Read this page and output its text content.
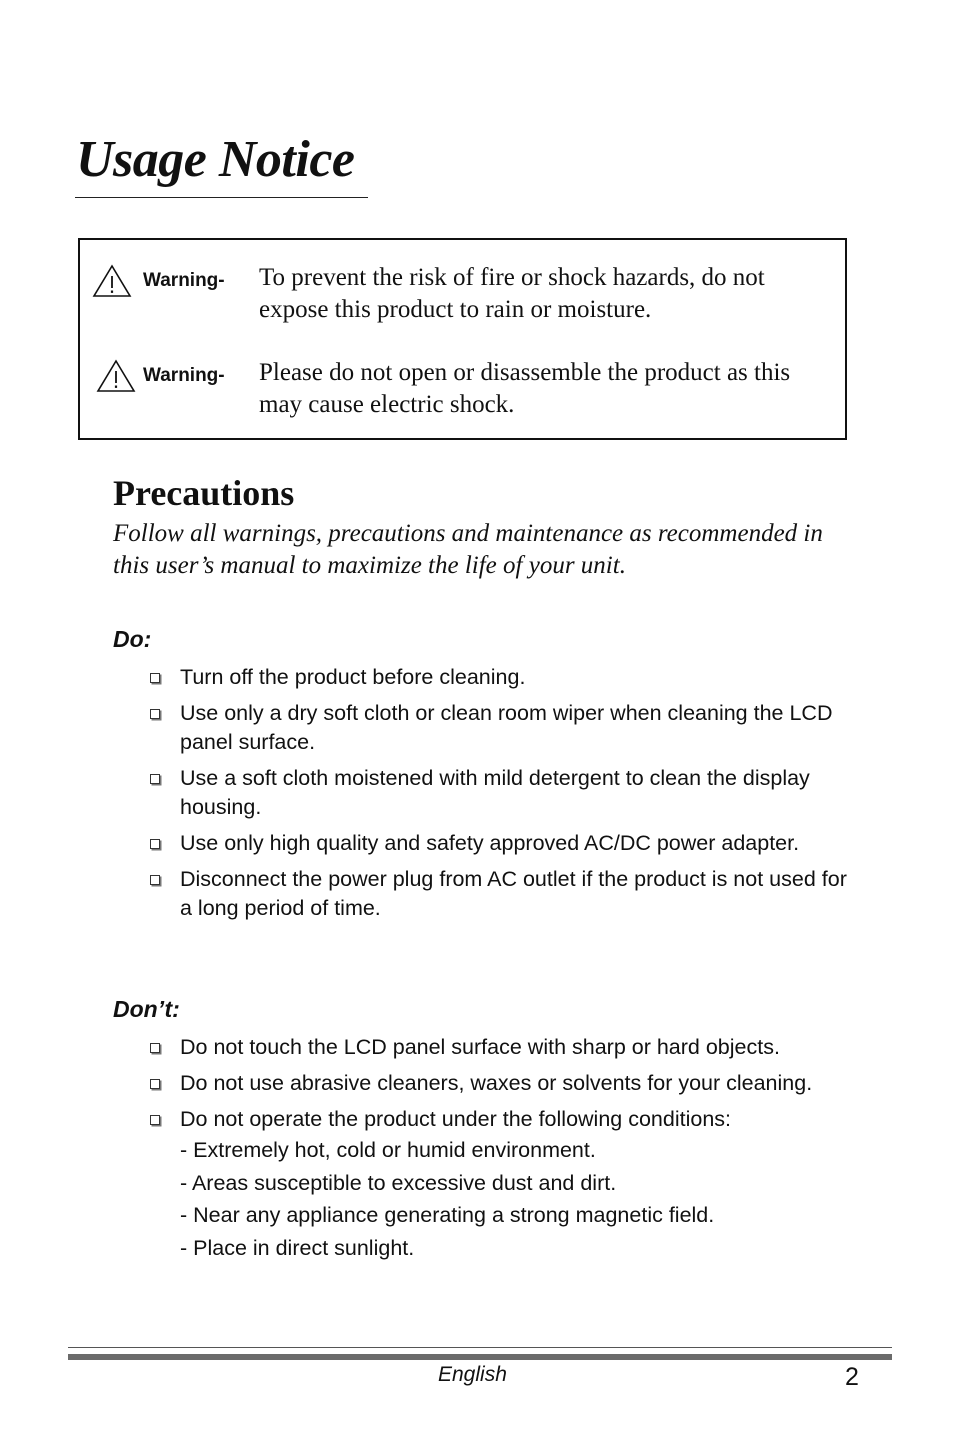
Usage Notice
Warning- To prevent the risk of fire or shock hazards, do not expose this product to rain or moisture.
Warning- Please do not open or disassemble the product as this may cause electric shock.
Precautions

Follow all warnings, precautions and maintenance as recommended in this user’s manual to maximize the life of your unit.

Do:
Turn off the product before cleaning.
Use only a dry soft cloth or clean room wiper when cleaning the LCD panel surface.
Use a soft cloth moistened with mild detergent to clean the display housing.
Use only high quality and safety approved AC/DC power adapter.
Disconnect the power plug from AC outlet if the product is not used for a long period of time.
Don’t:
Do not touch the LCD panel surface with sharp or hard objects.
Do not use abrasive cleaners, waxes or solvents for your cleaning.
Do not operate the product under the following conditions:
- Extremely hot, cold or humid environment.
- Areas susceptible to excessive dust and dirt.
- Near any appliance generating a strong magnetic field.
- Place in direct sunlight.
English	2
